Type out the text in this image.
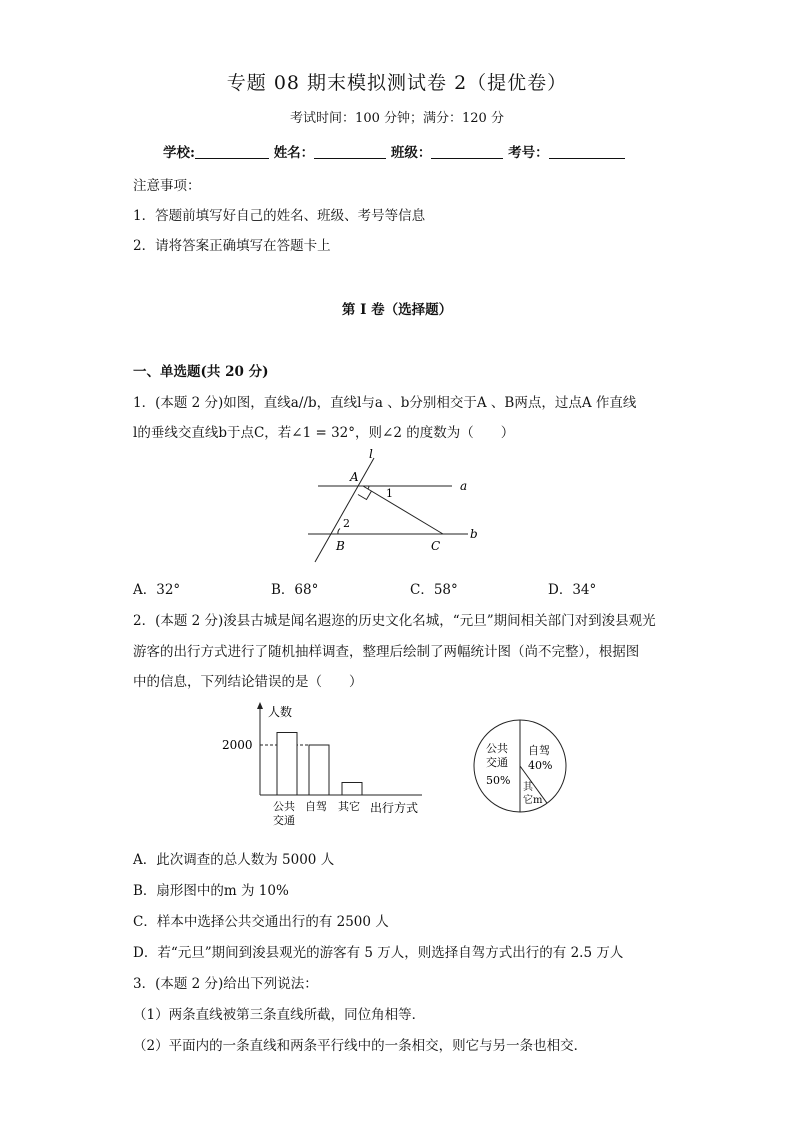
专题 08 期末模拟测试卷 2（提优卷）
考试时间：100 分钟；满分：120 分
学校:	姓名：	班级：	考号：
注意事项：
1．答题前填写好自己的姓名、班级、考号等信息
2．请将答案正确填写在答题卡上
第 I 卷（选择题）
一、单选题(共 20 分)
1．(本题 2 分)如图，直线a//b，直线l与a 、b分别相交于A 、B两点，过点A 作直线
l的垂线交直线b于点C，若∠1 = 32°，则∠2 的度数为（　　）
l
a
b
A
B	C
1
2
A．32°	B．68°	C．58°	D．34°
2．(本题 2 分)浚县古城是闻名遐迩的历史文化名城，“元旦”期间相关部门对到浚县观光
游客的出行方式进行了随机抽样调查，整理后绘制了两幅统计图（尚不完整），根据图
中的信息，下列结论错误的是（　　）
人数
2000
公共
交通
自驾 其它 出行方式
公共
交通
50%
自驾
40%
其
它m
A．此次调查的总人数为 5000 人
B．扇形图中的m 为 10%
C．样本中选择公共交通出行的有 2500 人
D．若“元旦”期间到浚县观光的游客有 5 万人，则选择自驾方式出行的有 2.5 万人
3．(本题 2 分)给出下列说法：
（1）两条直线被第三条直线所截，同位角相等．
（2）平面内的一条直线和两条平行线中的一条相交，则它与另一条也相交．
